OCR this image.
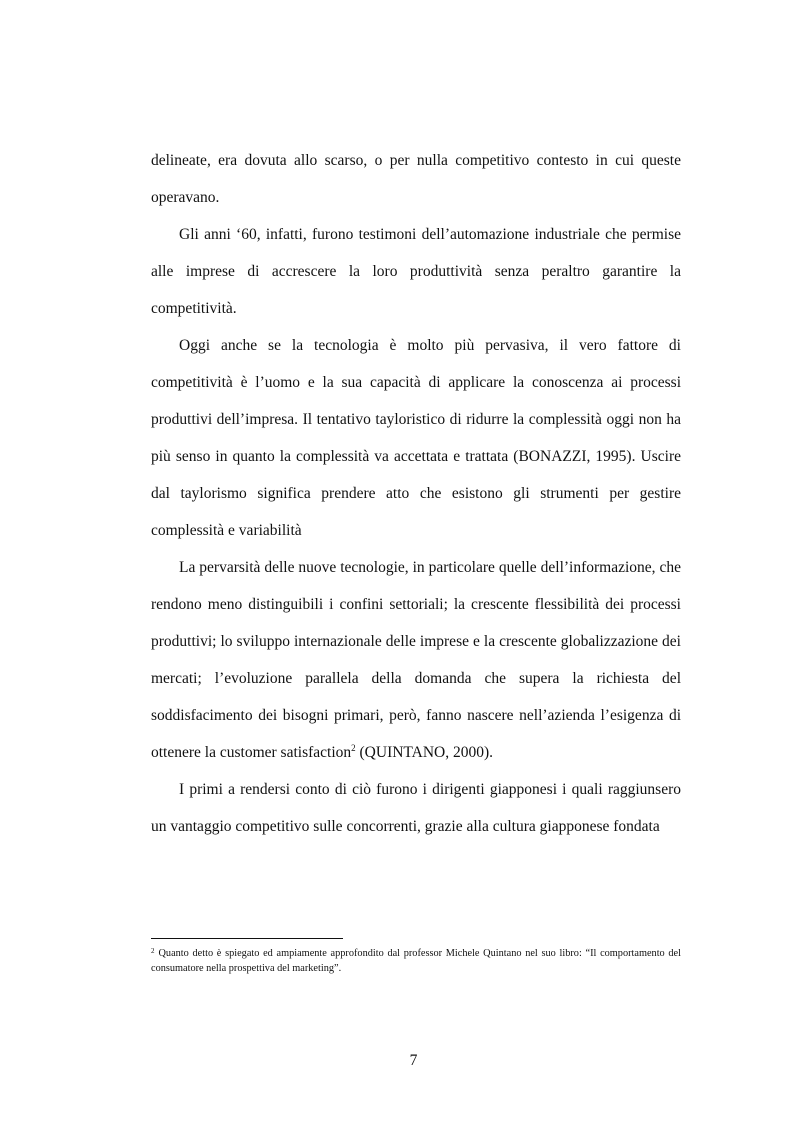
delineate, era dovuta allo scarso, o per nulla competitivo contesto in cui queste operavano.

Gli anni ‘60, infatti, furono testimoni dell’automazione industriale che permise alle imprese di accrescere la loro produttività senza peraltro garantire la competitività.

Oggi anche se la tecnologia è molto più pervasiva, il vero fattore di competitività è l’uomo e la sua capacità di applicare la conoscenza ai processi produttivi dell’impresa. Il tentativo tayloristico di ridurre la complessità oggi non ha più senso in quanto la complessità va accettata e trattata (BONAZZI, 1995). Uscire dal taylorismo significa prendere atto che esistono gli strumenti per gestire complessità e variabilità

La pervarsità delle nuove tecnologie, in particolare quelle dell’informazione, che rendono meno distinguibili i confini settoriali; la crescente flessibilità dei processi produttivi; lo sviluppo internazionale delle imprese e la crescente globalizzazione dei mercati; l’evoluzione parallela della domanda che supera la richiesta del soddisfacimento dei bisogni primari, però, fanno nascere nell’azienda l’esigenza di ottenere la customer satisfaction$^2$ (QUINTANO, 2000).

I primi a rendersi conto di ciò furono i dirigenti giapponesi i quali raggiunsero un vantaggio competitivo sulle concorrenti, grazie alla cultura giapponese fondata

$^2$ Quanto detto è spiegato ed ampiamente approfondito dal professor Michele Quintano nel suo libro: “Il comportamento del consumatore nella prospettiva del marketing”.
7
